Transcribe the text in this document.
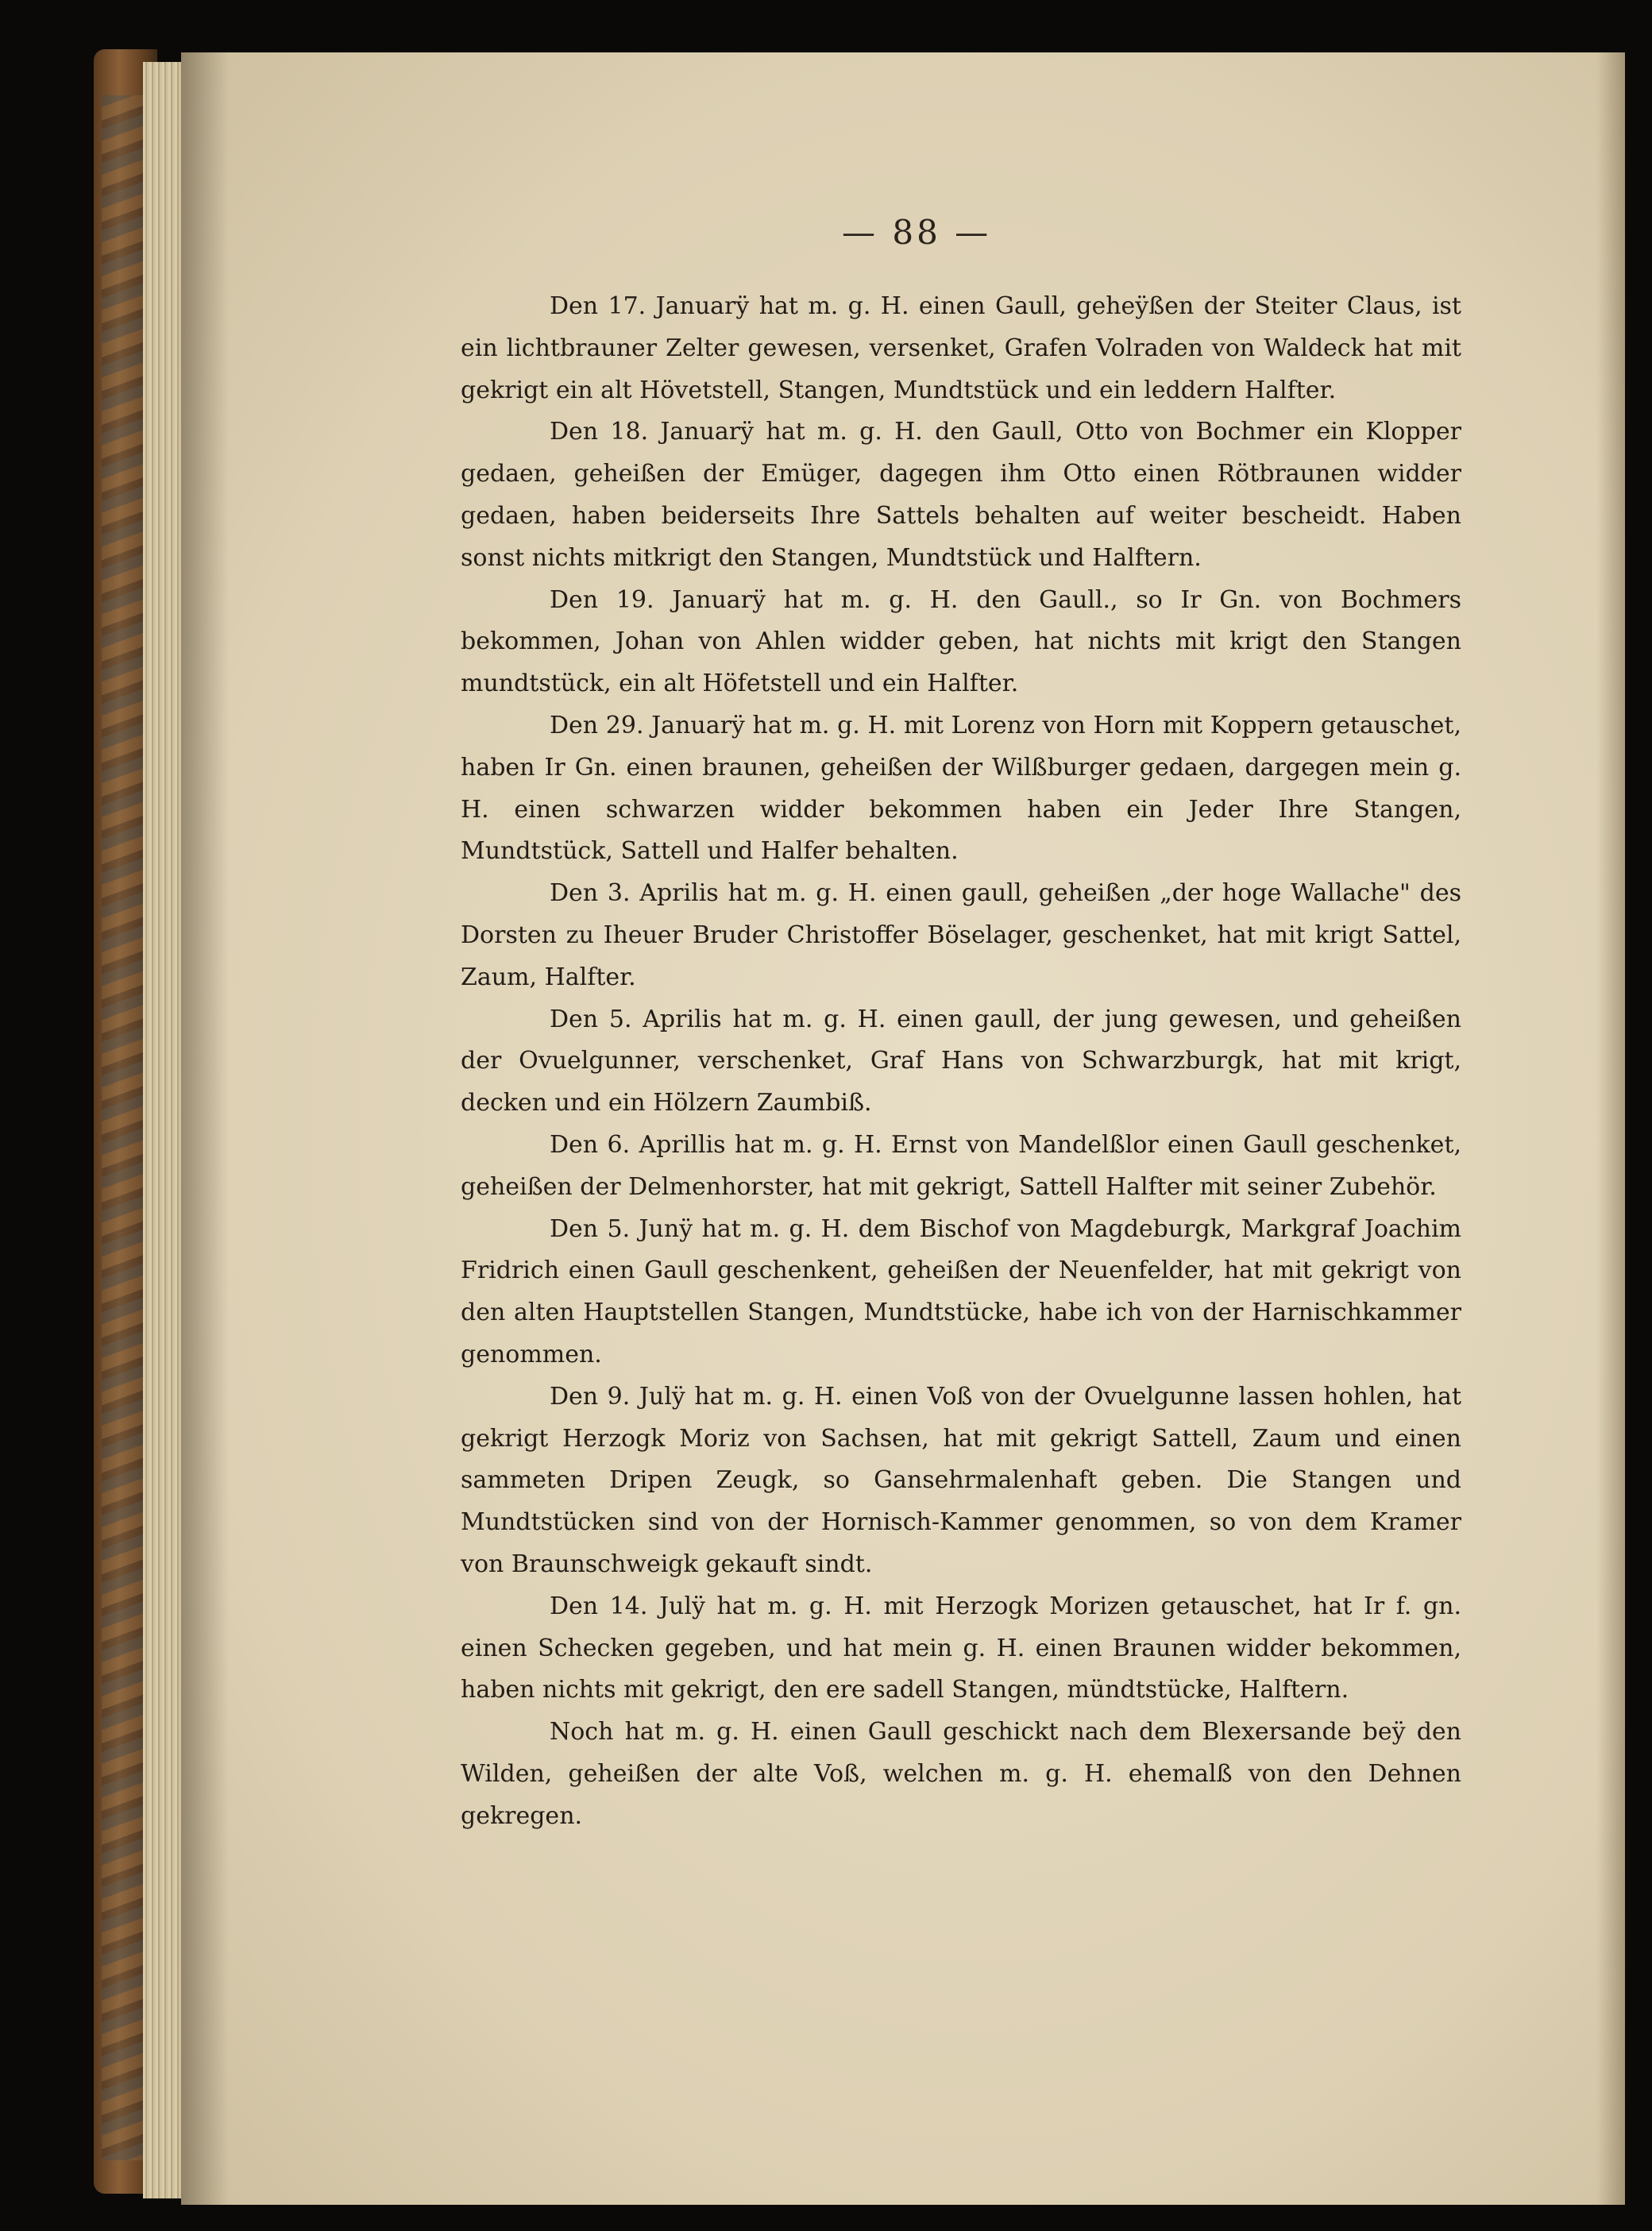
— 88 —

Den 17. Januarÿ hat m. g. H. einen Gaull, geheÿßen der Steiter Claus, ist ein lichtbrauner Zelter gewesen, versenket, Grafen Volraden von Waldeck hat mit gekrigt ein alt Hövetstell, Stangen, Mundtstück und ein leddern Halfter.

Den 18. Januarÿ hat m. g. H. den Gaull, Otto von Bochmer ein Klopper gedaen, geheißen der Emüger, dagegen ihm Otto einen Rötbraunen widder gedaen, haben beiderseits Ihre Sattels behalten auf weiter bescheidt. Haben sonst nichts mitkrigt den Stangen, Mundtstück und Halftern.

Den 19. Januarÿ hat m. g. H. den Gaull., so Ir Gn. von Bochmers bekommen, Johan von Ahlen widder geben, hat nichts mit krigt den Stangen mundtstück, ein alt Höfetstell und ein Halfter.

Den 29. Januarÿ hat m. g. H. mit Lorenz von Horn mit Koppern getauschet, haben Ir Gn. einen braunen, geheißen der Wilßburger gedaen, dargegen mein g. H. einen schwarzen widder bekommen haben ein Jeder Ihre Stangen, Mundtstück, Sattell und Halfer behalten.

Den 3. Aprilis hat m. g. H. einen gaull, geheißen „der hoge Wallache" des Dorsten zu Iheuer Bruder Christoffer Böselager, geschenket, hat mit krigt Sattel, Zaum, Halfter.

Den 5. Aprilis hat m. g. H. einen gaull, der jung gewesen, und geheißen der Ovuelgunner, verschenket, Graf Hans von Schwarzburgk, hat mit krigt, decken und ein Hölzern Zaumbiß.

Den 6. Aprillis hat m. g. H. Ernst von Mandelßlor einen Gaull geschenket, geheißen der Delmenhorster, hat mit gekrigt, Sattell Halfter mit seiner Zubehör.

Den 5. Junÿ hat m. g. H. dem Bischof von Magdeburgk, Markgraf Joachim Fridrich einen Gaull geschenkent, geheißen der Neuenfelder, hat mit gekrigt von den alten Hauptstellen Stangen, Mundtstücke, habe ich von der Harnischkammer genommen.

Den 9. Julÿ hat m. g. H. einen Voß von der Ovuelgunne lassen hohlen, hat gekrigt Herzogk Moriz von Sachsen, hat mit gekrigt Sattell, Zaum und einen sammeten Dripen Zeugk, so Gansehrmalenhaft geben. Die Stangen und Mundtstücken sind von der Hornisch-Kammer genommen, so von dem Kramer von Braunschweigk gekauft sindt.

Den 14. Julÿ hat m. g. H. mit Herzogk Morizen getauschet, hat Ir f. gn. einen Schecken gegeben, und hat mein g. H. einen Braunen widder bekommen, haben nichts mit gekrigt, den ere sadell Stangen, mündtstücke, Halftern.

Noch hat m. g. H. einen Gaull geschickt nach dem Blexersande beÿ den Wilden, geheißen der alte Voß, welchen m. g. H. ehemalß von den Dehnen gekregen.
